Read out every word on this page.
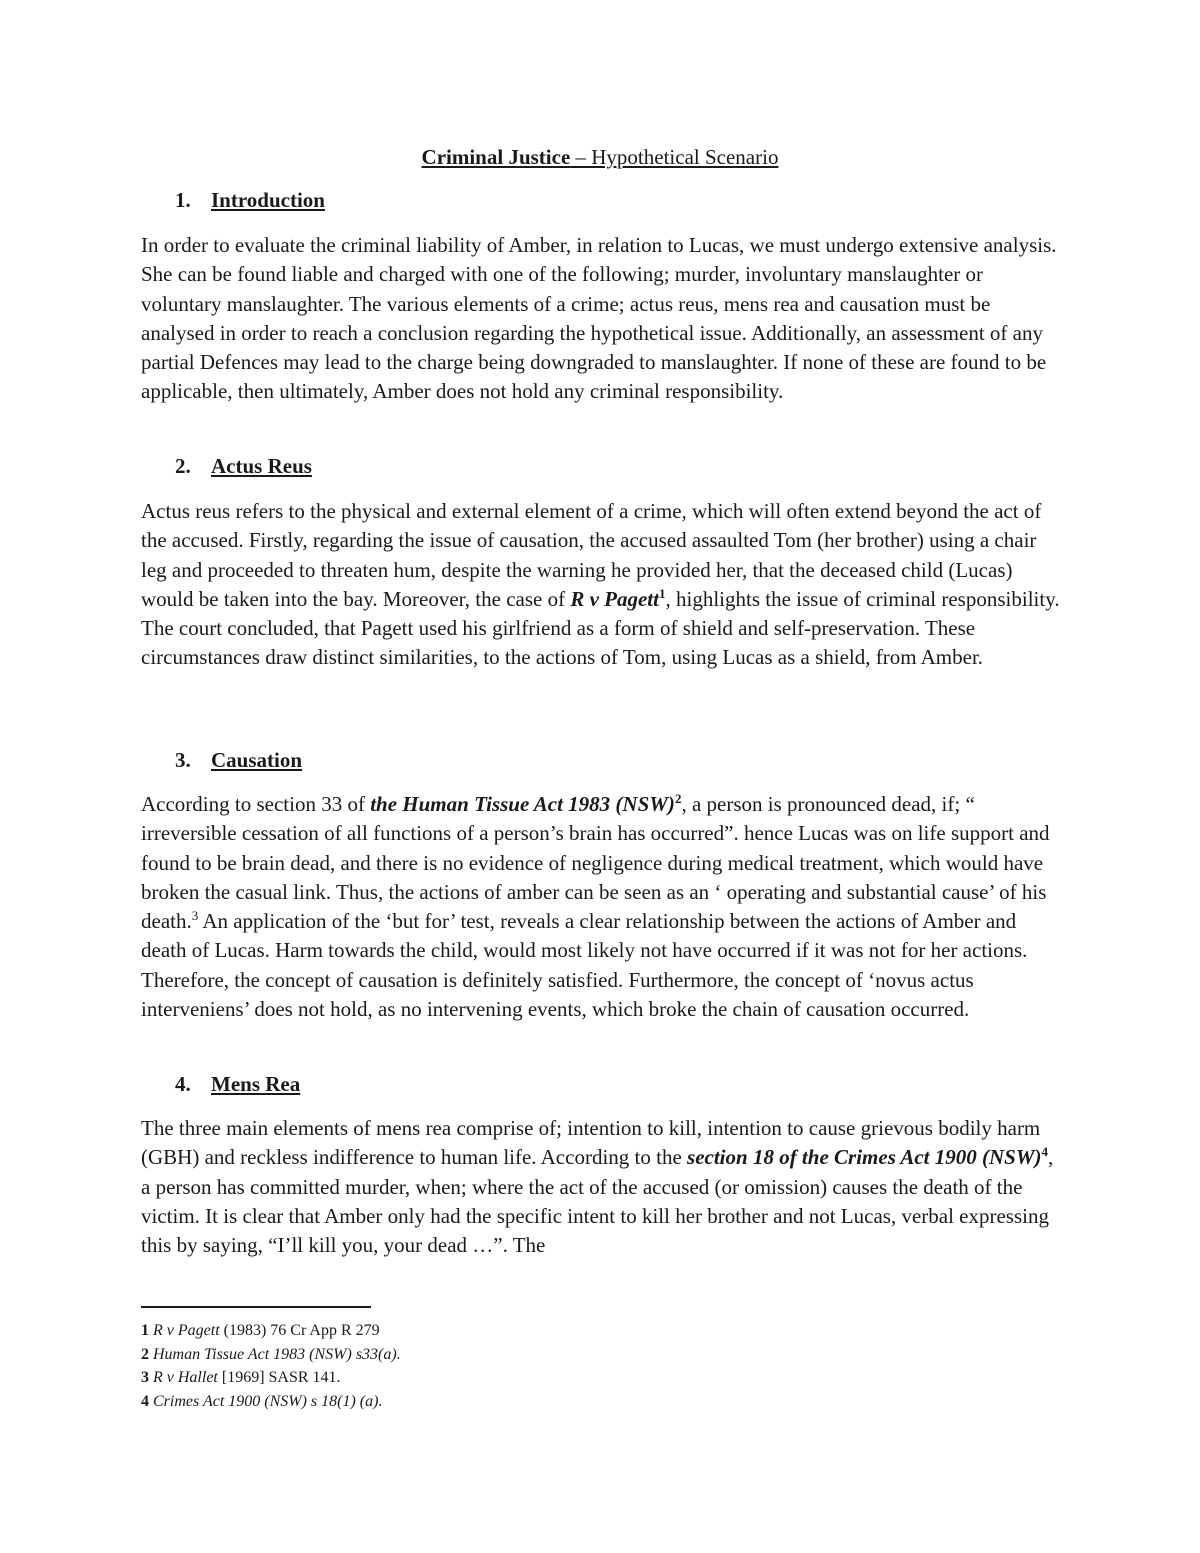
Criminal Justice – Hypothetical Scenario
1. Introduction

In order to evaluate the criminal liability of Amber, in relation to Lucas, we must undergo extensive analysis. She can be found liable and charged with one of the following; murder, involuntary manslaughter or voluntary manslaughter. The various elements of a crime; actus reus, mens rea and causation must be analysed in order to reach a conclusion regarding the hypothetical issue. Additionally, an assessment of any partial Defences may lead to the charge being downgraded to manslaughter. If none of these are found to be applicable, then ultimately, Amber does not hold any criminal responsibility.

2. Actus Reus

Actus reus refers to the physical and external element of a crime, which will often extend beyond the act of the accused. Firstly, regarding the issue of causation, the accused assaulted Tom (her brother) using a chair leg and proceeded to threaten hum, despite the warning he provided her, that the deceased child (Lucas) would be taken into the bay. Moreover, the case of R v Pagett$^1$, highlights the issue of criminal responsibility. The court concluded, that Pagett used his girlfriend as a form of shield and self-preservation. These circumstances draw distinct similarities, to the actions of Tom, using Lucas as a shield, from Amber.

3. Causation

According to section 33 of the Human Tissue Act 1983 (NSW)$^2$, a person is pronounced dead, if; “ irreversible cessation of all functions of a person’s brain has occurred”. hence Lucas was on life support and found to be brain dead, and there is no evidence of negligence during medical treatment, which would have broken the casual link. Thus, the actions of amber can be seen as an ‘ operating and substantial cause’ of his death.$^3$ An application of the ‘but for’ test, reveals a clear relationship between the actions of Amber and death of Lucas. Harm towards the child, would most likely not have occurred if it was not for her actions. Therefore, the concept of causation is definitely satisfied. Furthermore, the concept of ‘novus actus interveniens’ does not hold, as no intervening events, which broke the chain of causation occurred.

4. Mens Rea

The three main elements of mens rea comprise of; intention to kill, intention to cause grievous bodily harm (GBH) and reckless indifference to human life. According to the section 18 of the Crimes Act 1900 (NSW)$^4$, a person has committed murder, when; where the act of the accused (or omission) causes the death of the victim. It is clear that Amber only had the specific intent to kill her brother and not Lucas, verbal expressing this by saying, “I’ll kill you, your dead …”. The

1 R v Pagett (1983) 76 Cr App R 279

2 Human Tissue Act 1983 (NSW) s33(a).

3 R v Hallet [1969] SASR 141.

4 Crimes Act 1900 (NSW) s 18(1) (a).
